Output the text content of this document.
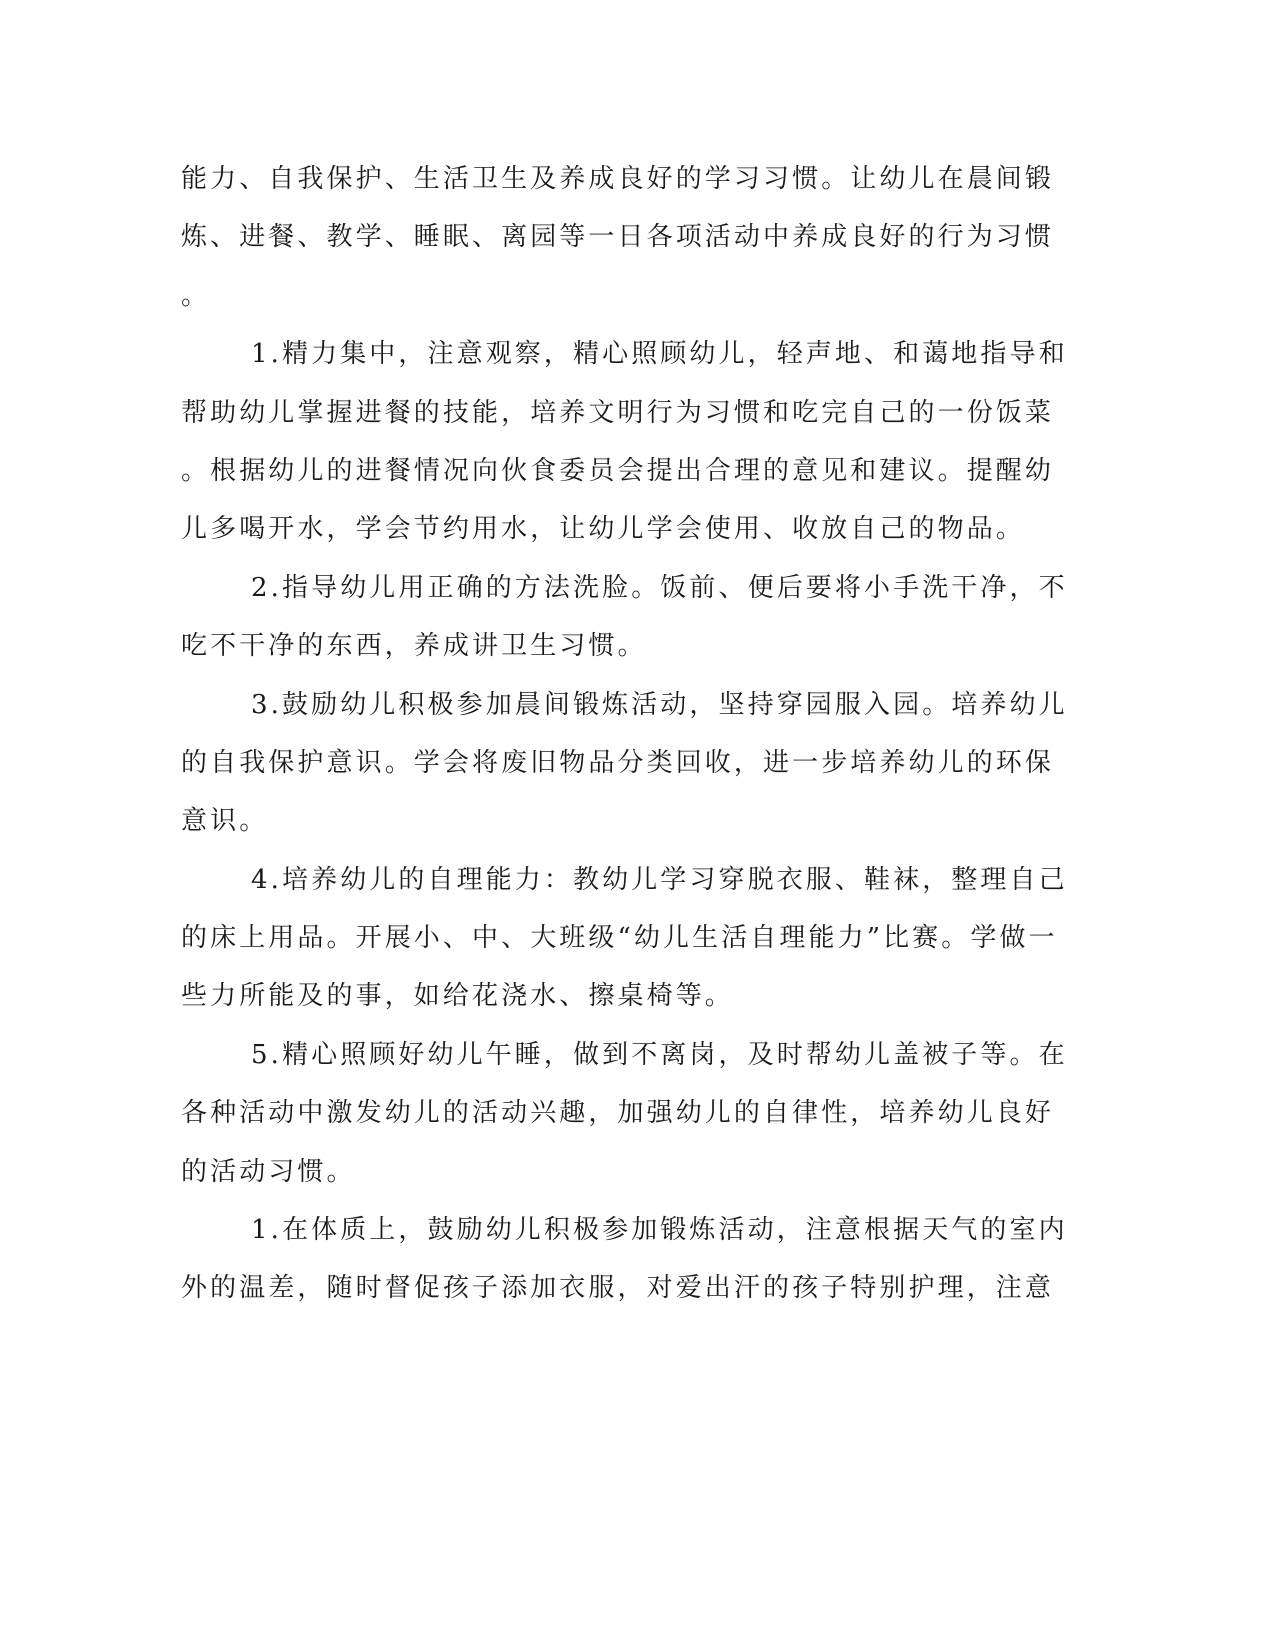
能力、自我保护、生活卫生及养成良好的学习习惯。让幼儿在晨间锻
炼、进餐、教学、睡眠、离园等一日各项活动中养成良好的行为习惯
。
1.精力集中，注意观察，精心照顾幼儿，轻声地、和蔼地指导和
帮助幼儿掌握进餐的技能，培养文明行为习惯和吃完自己的一份饭菜
。根据幼儿的进餐情况向伙食委员会提出合理的意见和建议。提醒幼
儿多喝开水，学会节约用水，让幼儿学会使用、收放自己的物品。
2.指导幼儿用正确的方法洗脸。饭前、便后要将小手洗干净，不
吃不干净的东西，养成讲卫生习惯。
3.鼓励幼儿积极参加晨间锻炼活动，坚持穿园服入园。培养幼儿
的自我保护意识。学会将废旧物品分类回收，进一步培养幼儿的环保
意识。
4.培养幼儿的自理能力：教幼儿学习穿脱衣服、鞋袜，整理自己
的床上用品。开展小、中、大班级“幼儿生活自理能力”比赛。学做一
些力所能及的事，如给花浇水、擦桌椅等。
5.精心照顾好幼儿午睡，做到不离岗，及时帮幼儿盖被子等。在
各种活动中激发幼儿的活动兴趣，加强幼儿的自律性，培养幼儿良好
的活动习惯。
1.在体质上，鼓励幼儿积极参加锻炼活动，注意根据天气的室内
外的温差，随时督促孩子添加衣服，对爱出汗的孩子特别护理，注意
